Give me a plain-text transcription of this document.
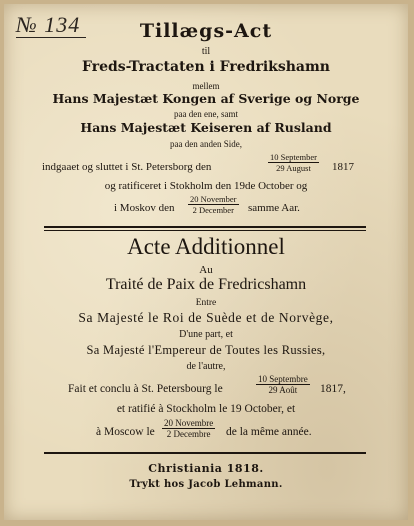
№ 134	Tillægs-Act
til
Freds-Tractaten i Fredrikshamn
mellem
Hans Majestæt Kongen af Sverige og Norge
paa den ene, samt
Hans Majestæt Keiseren af Rusland
paa den anden Side,
indgaaet og sluttet i St. Petersborg den
10 September
29 August	1817
og ratificeret i Stokholm den 19de October og
i Moskov den
20 November
2 December	samme Aar.
Acte Additionnel
Au
Traité de Paix de Fredricshamn
Entre
Sa Majesté le Roi de Suède et de Norvège,
D'une part, et
Sa Majesté l'Empereur de Toutes les Russies,
de l'autre,
Fait et conclu à St. Petersbourg le
10 Septembre
29 Août	1817,
et ratifié à Stockholm le 19 October, et
à Moscow le
20 Novembre
2 Decembre	de la même année.
Christiania 1818.
Trykt hos Jacob Lehmann.
